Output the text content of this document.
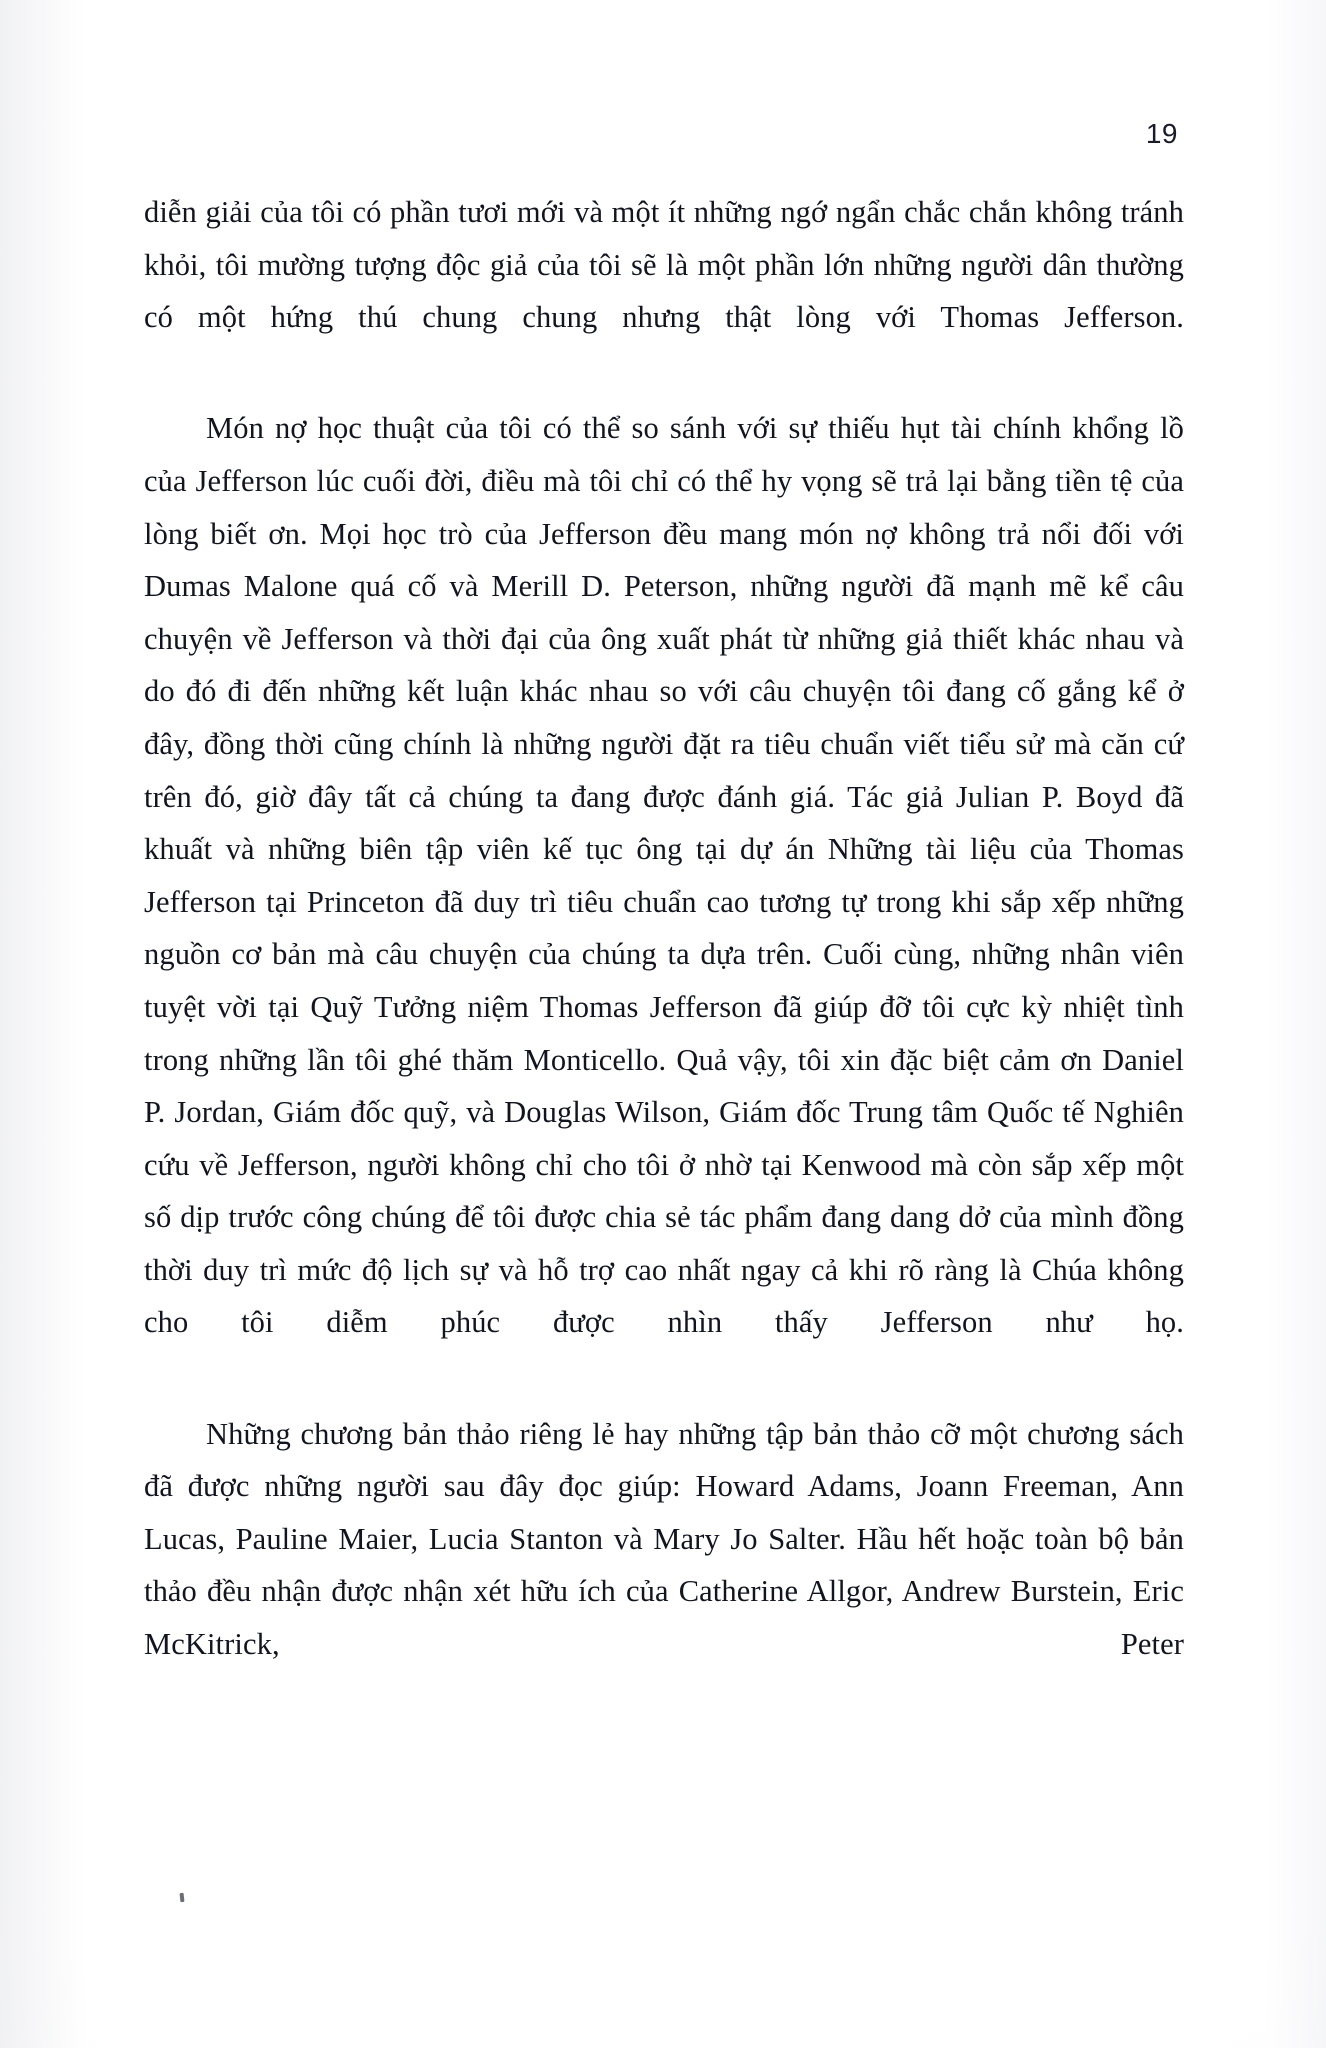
19

diễn giải của tôi có phần tươi mới và một ít những ngớ ngẩn chắc chắn không tránh khỏi, tôi mường tượng độc giả của tôi sẽ là một phần lớn những người dân thường có một hứng thú chung chung nhưng thật lòng với Thomas Jefferson.

Món nợ học thuật của tôi có thể so sánh với sự thiếu hụt tài chính khổng lồ của Jefferson lúc cuối đời, điều mà tôi chỉ có thể hy vọng sẽ trả lại bằng tiền tệ của lòng biết ơn. Mọi học trò của Jefferson đều mang món nợ không trả nổi đối với Dumas Malone quá cố và Merill D. Peterson, những người đã mạnh mẽ kể câu chuyện về Jefferson và thời đại của ông xuất phát từ những giả thiết khác nhau và do đó đi đến những kết luận khác nhau so với câu chuyện tôi đang cố gắng kể ở đây, đồng thời cũng chính là những người đặt ra tiêu chuẩn viết tiểu sử mà căn cứ trên đó, giờ đây tất cả chúng ta đang được đánh giá. Tác giả Julian P. Boyd đã khuất và những biên tập viên kế tục ông tại dự án Những tài liệu của Thomas Jefferson tại Princeton đã duy trì tiêu chuẩn cao tương tự trong khi sắp xếp những nguồn cơ bản mà câu chuyện của chúng ta dựa trên. Cuối cùng, những nhân viên tuyệt vời tại Quỹ Tưởng niệm Thomas Jefferson đã giúp đỡ tôi cực kỳ nhiệt tình trong những lần tôi ghé thăm Monticello. Quả vậy, tôi xin đặc biệt cảm ơn Daniel P. Jordan, Giám đốc quỹ, và Douglas Wilson, Giám đốc Trung tâm Quốc tế Nghiên cứu về Jefferson, người không chỉ cho tôi ở nhờ tại Kenwood mà còn sắp xếp một số dịp trước công chúng để tôi được chia sẻ tác phẩm đang dang dở của mình đồng thời duy trì mức độ lịch sự và hỗ trợ cao nhất ngay cả khi rõ ràng là Chúa không cho tôi diễm phúc được nhìn thấy Jefferson như họ.

Những chương bản thảo riêng lẻ hay những tập bản thảo cỡ một chương sách đã được những người sau đây đọc giúp: Howard Adams, Joann Freeman, Ann Lucas, Pauline Maier, Lucia Stanton và Mary Jo Salter. Hầu hết hoặc toàn bộ bản thảo đều nhận được nhận xét hữu ích của Catherine Allgor, Andrew Burstein, Eric McKitrick, Peter
